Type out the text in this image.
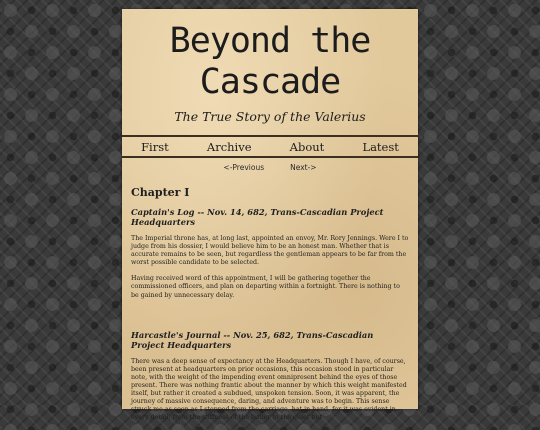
Beyond the
Cascade
The True Story of the Valerius
First	Archive	About	Latest
<-Previous	Next->
Chapter I
Captain's Log -- Nov. 14, 682, Trans-Cascadian Project Headquarters

The Imperial throne has, at long last, appointed an envoy, Mr. Rory Jennings. Were I to judge from his dossier, I would believe him to be an honest man. Whether that is accurate remains to be seen, but regardless the gentleman appears to be far from the worst possible candidate to be selected.

Having received word of this appointment, I will be gathering together the commissioned officers, and plan on departing within a fortnight. There is nothing to be gained by unnecessary delay.

Harcastle's Journal -- Nov. 25, 682, Trans-Cascadian Project Headquarters

There was a deep sense of expectancy at the Headquarters. Though I have, of course, been present at headquarters on prior occasions, this occasion stood in particular note, with the weight of the impending event omnipresent behind the eyes of those present. There was nothing frantic about the manner by which this weight manifested itself, but rather it created a subdued, unspoken tension. Soon, it was apparent, the journey of massive consequence, daring, and adventure was to begin. This sense struck me as soon as I stepped from the carriage, hat in hand, for it was evident in every detail, from the stiffness of the butler to the quiet but
